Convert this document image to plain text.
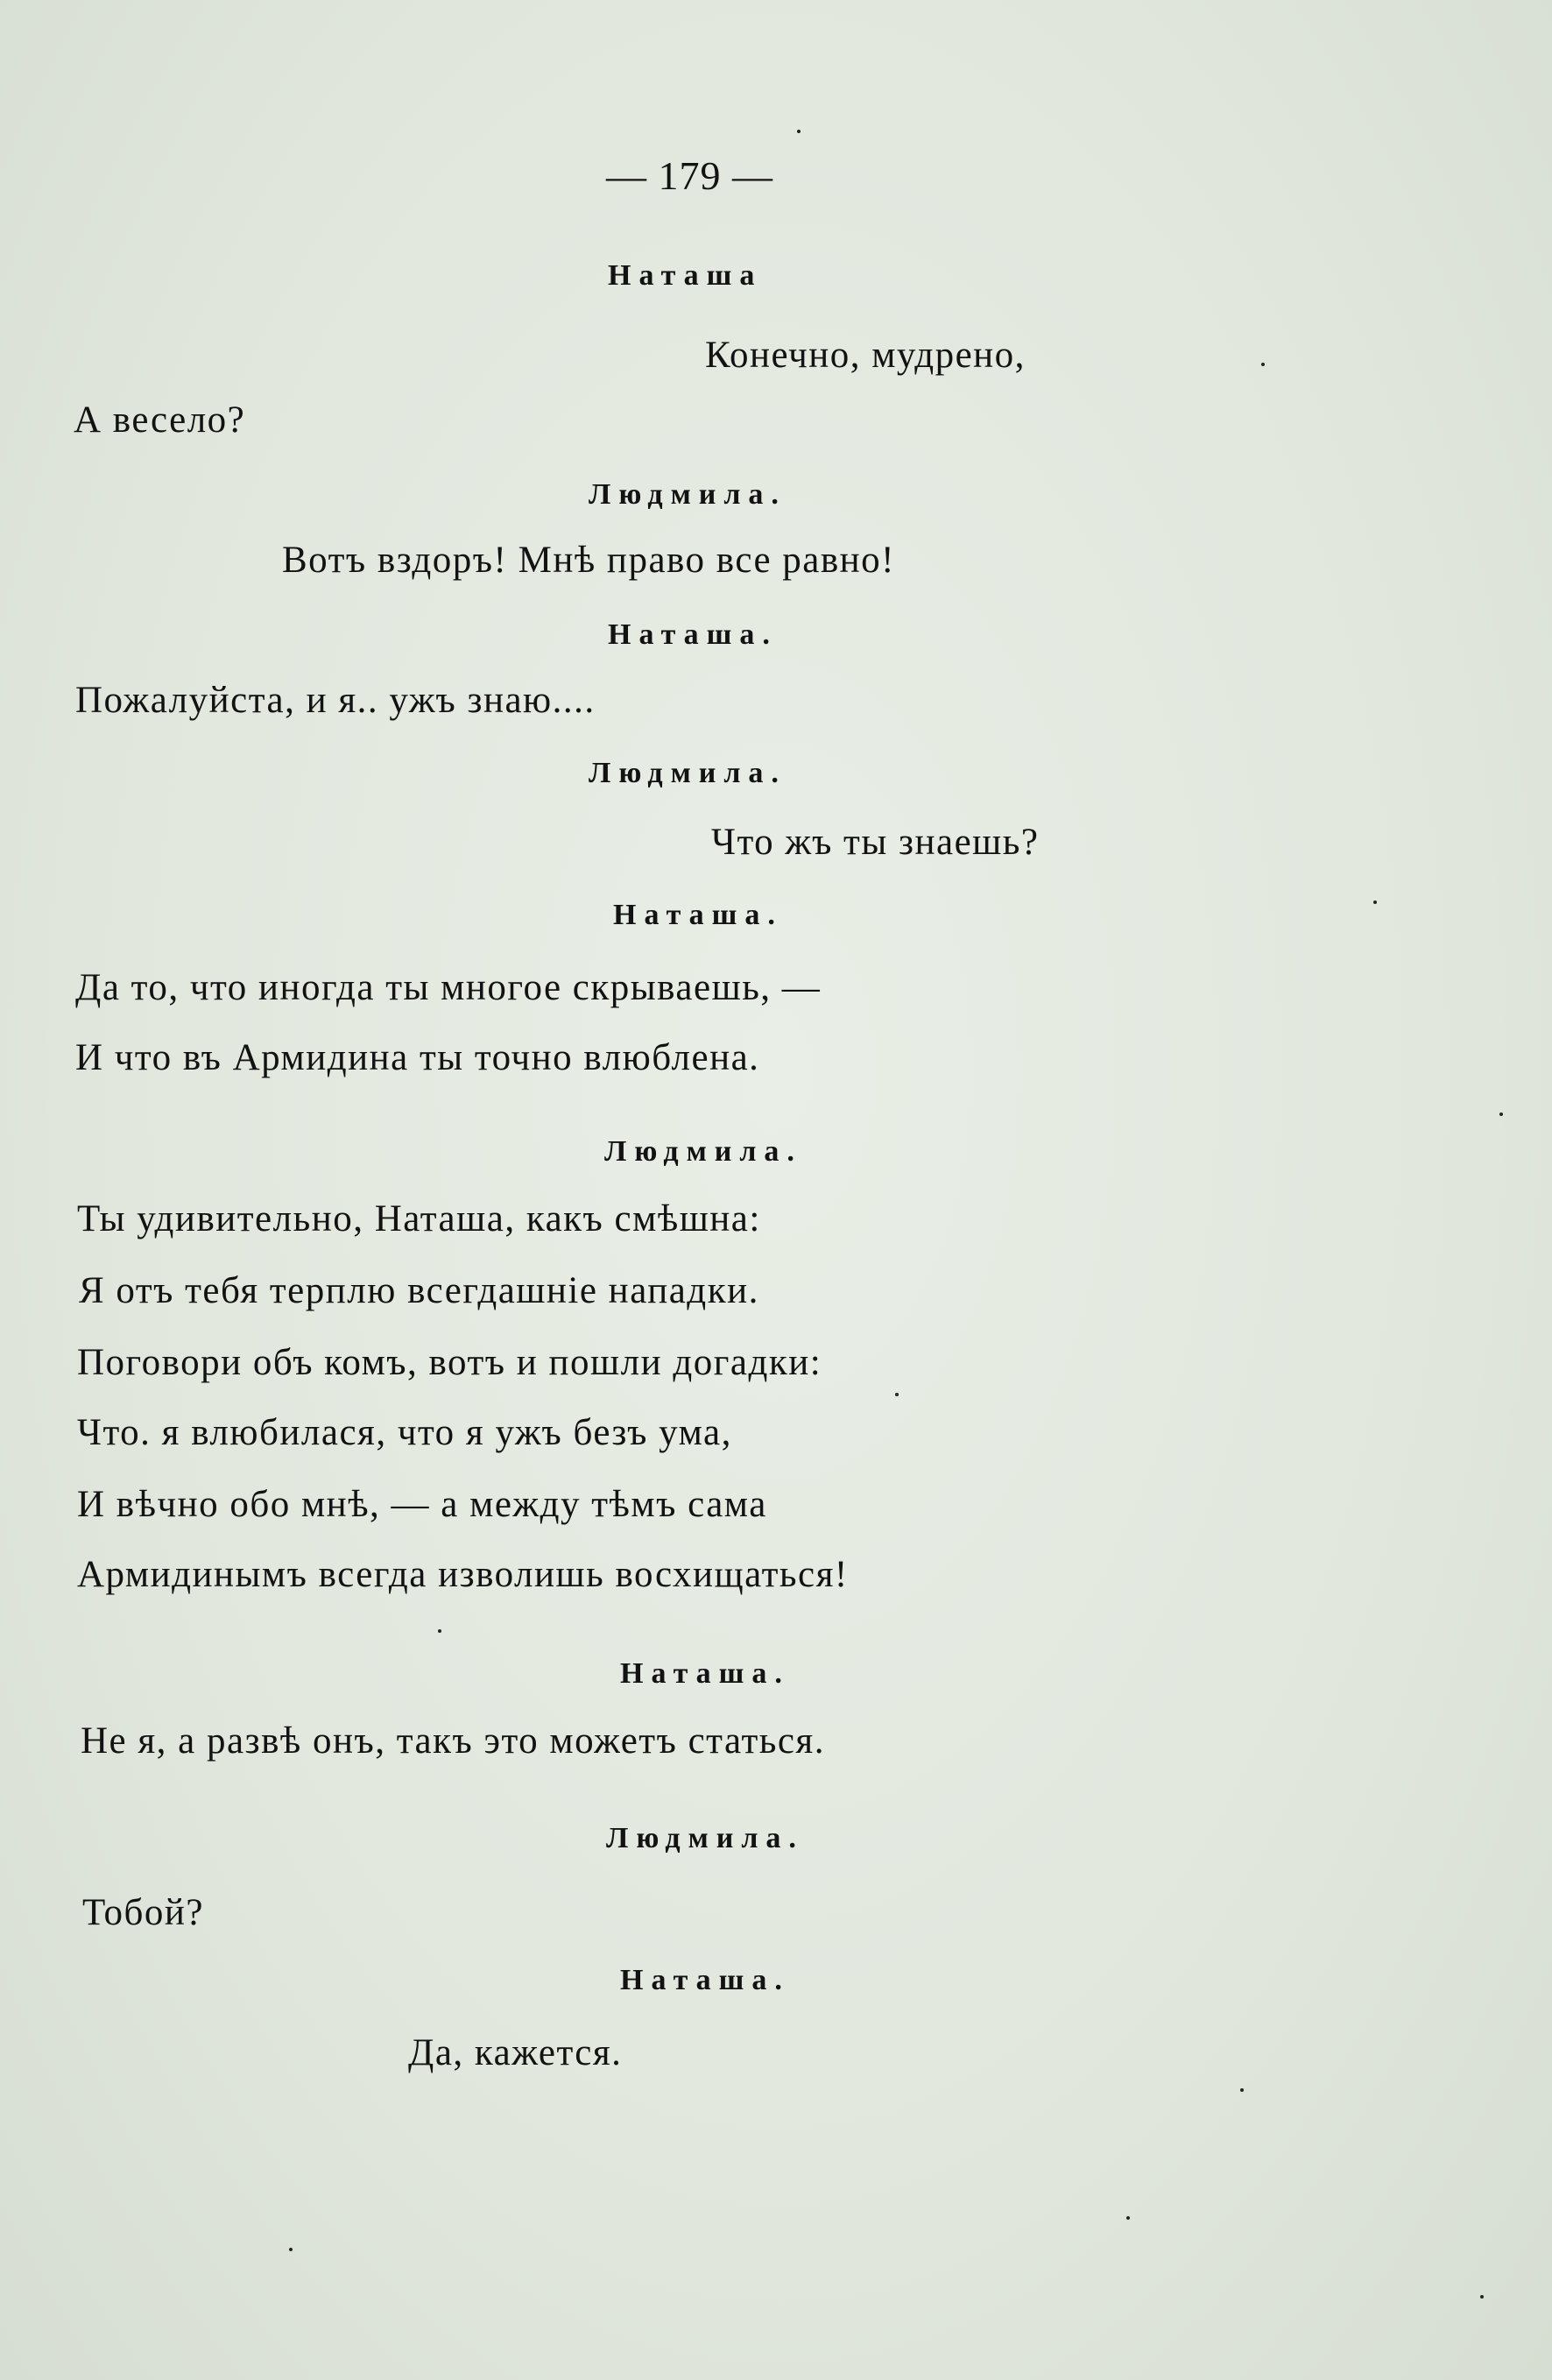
— 179 —
Наташа
Конечно, мудрено,
А весело?
Людмила.
Вотъ вздоръ! Мнѣ право все равно!
Наташа.
Пожалуйста, и я.. ужъ знаю....
Людмила.
Что жъ ты знаешь?
Наташа.
Да то, что иногда ты многое скрываешь, —
И что въ Армидина ты точно влюблена.
Людмила.
Ты удивительно, Наташа, какъ смѣшна:
Я отъ тебя терплю всегдашніе нападки.
Поговори объ комъ, вотъ и пошли догадки:
Что. я влюбилася, что я ужъ безъ ума,
И вѣчно обо мнѣ, — а между тѣмъ сама
Армидинымъ всегда изволишь восхищаться!
Наташа.
Не я, а развѣ онъ, такъ это можетъ статься.
Людмила.
Тобой?
Наташа.
Да, кажется.
